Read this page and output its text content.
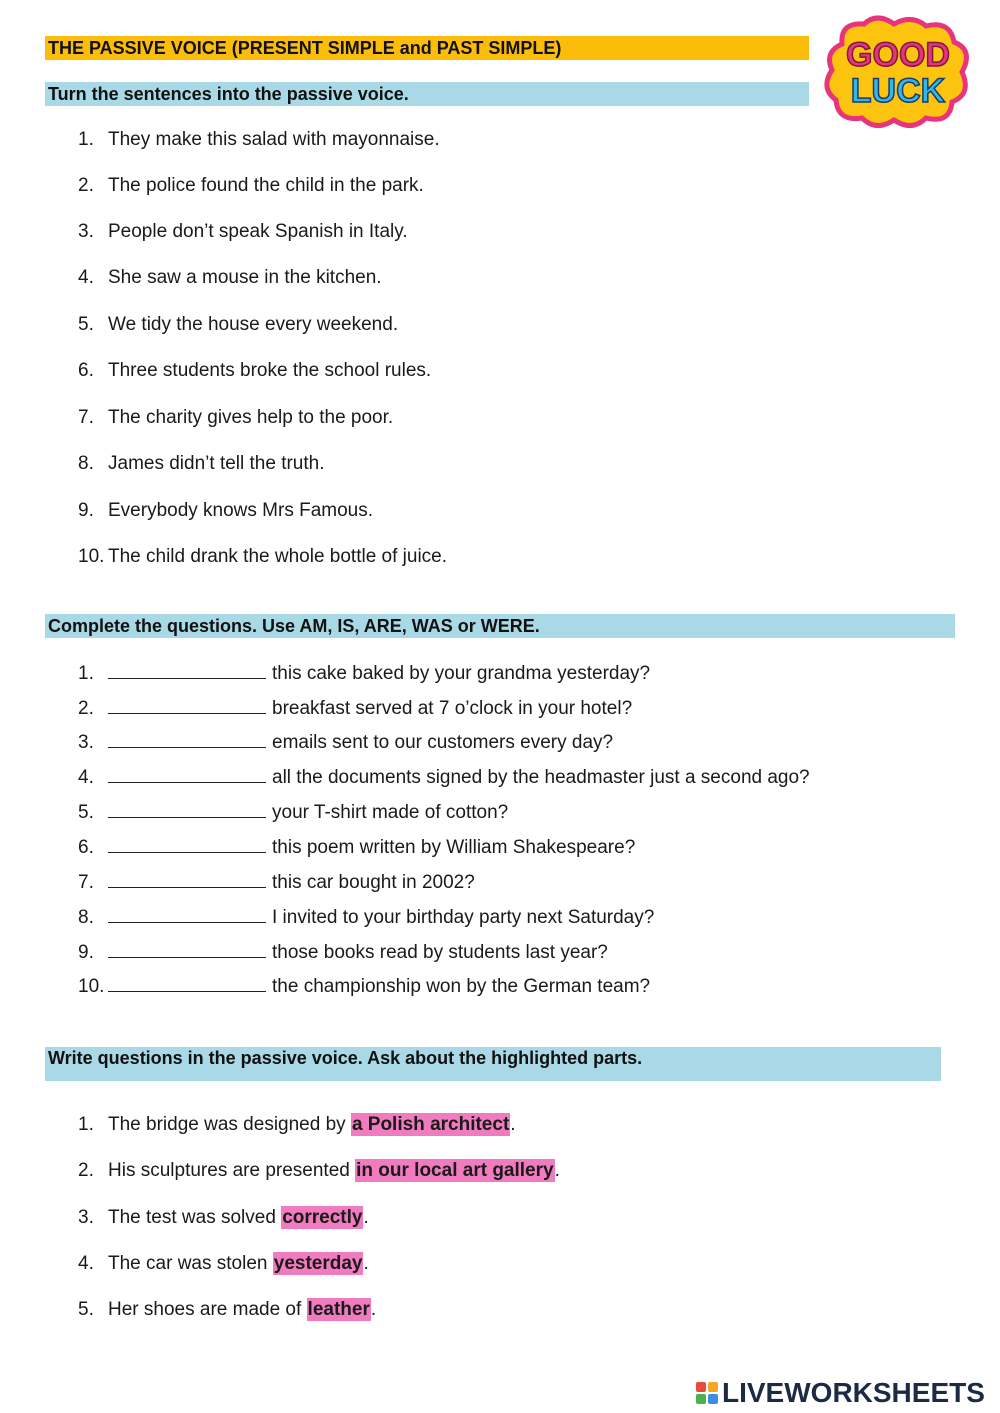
THE PASSIVE VOICE (PRESENT SIMPLE and PAST SIMPLE)	GOOD
LUCK
Turn the sentences into the passive voice.
1. They make this salad with mayonnaise.
2. The police found the child in the park.
3. People don’t speak Spanish in Italy.
4. She saw a mouse in the kitchen.
5. We tidy the house every weekend.
6. Three students broke the school rules.
7. The charity gives help to the poor.
8. James didn’t tell the truth.
9. Everybody knows Mrs Famous.
10. The child drank the whole bottle of juice.
Complete the questions. Use AM, IS, ARE, WAS or WERE.
1.	this cake baked by your grandma yesterday?
2.	breakfast served at 7 o’clock in your hotel?
3.	emails sent to our customers every day?
4.	all the documents signed by the headmaster just a second ago?
5.	your T-shirt made of cotton?
6.	this poem written by William Shakespeare?
7.	this car bought in 2002?
8.	I invited to your birthday party next Saturday?
9.	those books read by students last year?
10.	the championship won by the German team?
Write questions in the passive voice. Ask about the highlighted parts.
1. The bridge was designed by a Polish architect.
2. His sculptures are presented in our local art gallery.
3. The test was solved correctly.
4. The car was stolen yesterday.
5. Her shoes are made of leather.
LIVEWORKSHEETS
